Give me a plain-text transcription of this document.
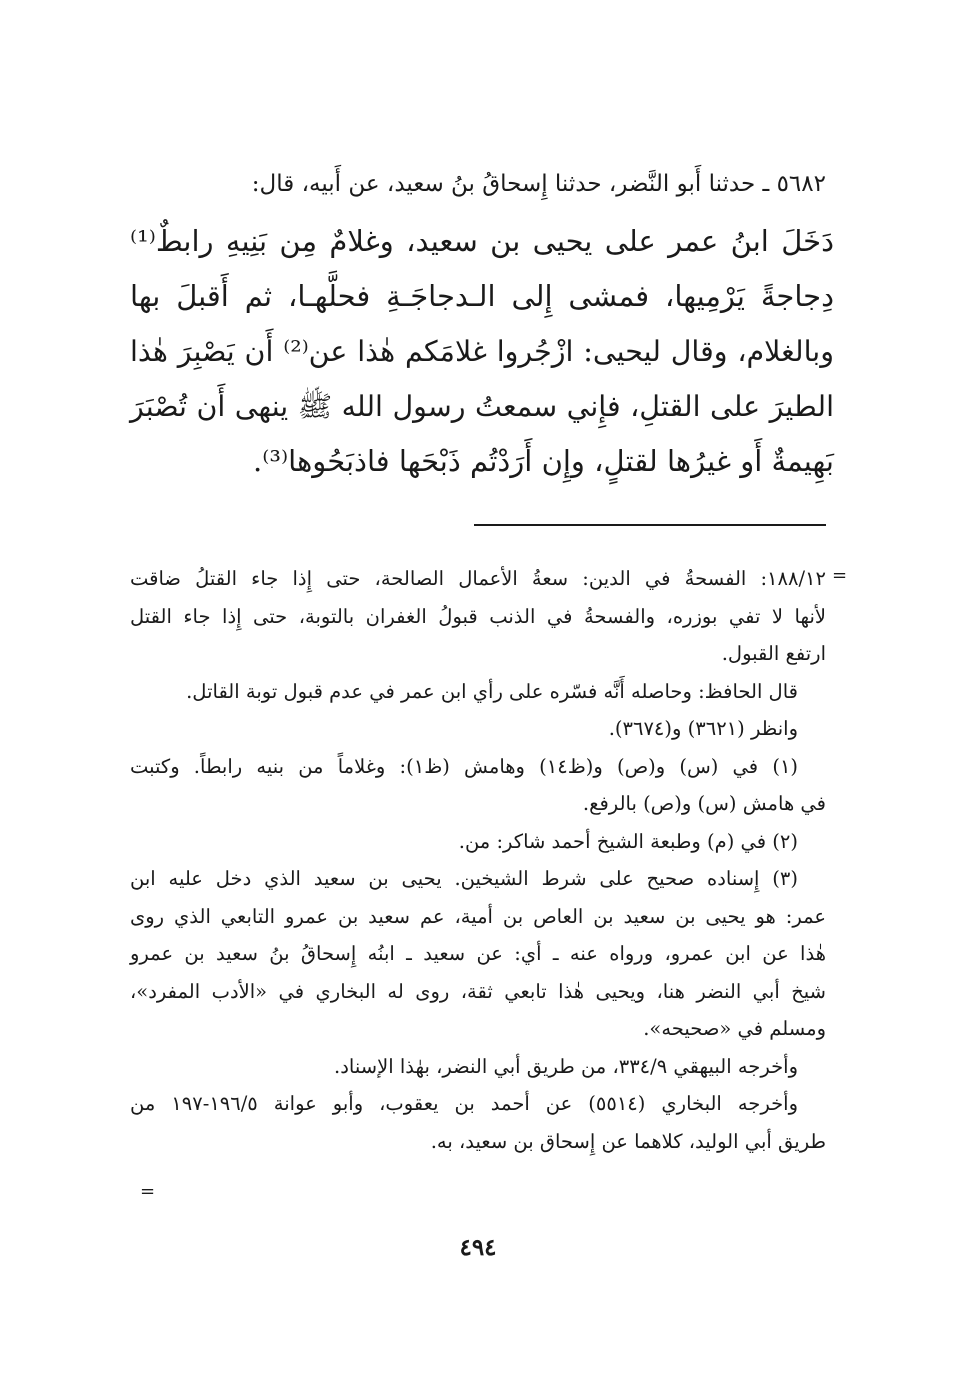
٥٦٨٢ ـ حدثنا أَبو النَّضر، حدثنا إِسحاقُ بنُ سعيد، عن أَبيه، قال:
دَخَلَ ابنُ عمر على يحيى بن سعيد، وغلامٌ مِن بَنِيهِ رابطٌ⁽¹⁾
دِجاجةً يَرْمِيها، فمشى إِلى الـدجاجَـةِ فحلَّهـا، ثم أَقبلَ بها
وبالغلام، وقال ليحيى: ازْجُروا غلامَكم هٰذا عن⁽²⁾ أَن يَصْبِرَ هٰذا
الطيرَ على القتلِ، فإِني سمعتُ رسول الله ﷺ ينهى أَن تُصْبَرَ
بَهِيمةٌ أَو غيرُها لقتلٍ، وإِن أَرَدْتُم ذَبْحَها فاذبَحُوها⁽³⁾.
=
١٨٨/١٢: الفسحةُ في الدين: سعةُ الأعمال الصالحة، حتى إِذا جاء القتلُ ضاقت
لأنها لا تفي بوزره، والفسحةُ في الذنب قبولُ الغفران بالتوبة، حتى إِذا جاء القتل
ارتفع القبول.
قال الحافظ: وحاصله أَنَّه فسّره على رأي ابن عمر في عدم قبول توبة القاتل.
وانظر (٣٦٢١) و(٣٦٧٤).
(١) في (س) و(ص) و(ظ١٤) وهامش (ظ١): وغلاماً من بنيه رابطاً. وكتبت
في هامش (س) و(ص) بالرفع.
(٢) في (م) وطبعة الشيخ أحمد شاكر: من.
(٣) إِسناده صحيح على شرط الشيخين. يحيى بن سعيد الذي دخل عليه ابن
عمر: هو يحيى بن سعيد بن العاص بن أمية، عم سعيد بن عمرو التابعي الذي روى
هٰذا عن ابن عمرو، ورواه عنه ـ أي: عن سعيد ـ ابنُه إِسحاقُ بنُ سعيد بن عمرو
شيخ أبي النضر هنا، ويحيى هٰذا تابعي ثقة، روى له البخاري في «الأدب المفرد»،
ومسلم في «صحيحه».
وأخرجه البيهقي ٣٣٤/٩، من طريق أبي النضر، بهٰذا الإسناد.
وأخرجه البخاري (٥٥١٤) عن أحمد بن يعقوب، وأبو عوانة ١٩٦/٥-١٩٧ من
طريق أبي الوليد، كلاهما عن إِسحاق بن سعيد، به.
=
٤٩٤
